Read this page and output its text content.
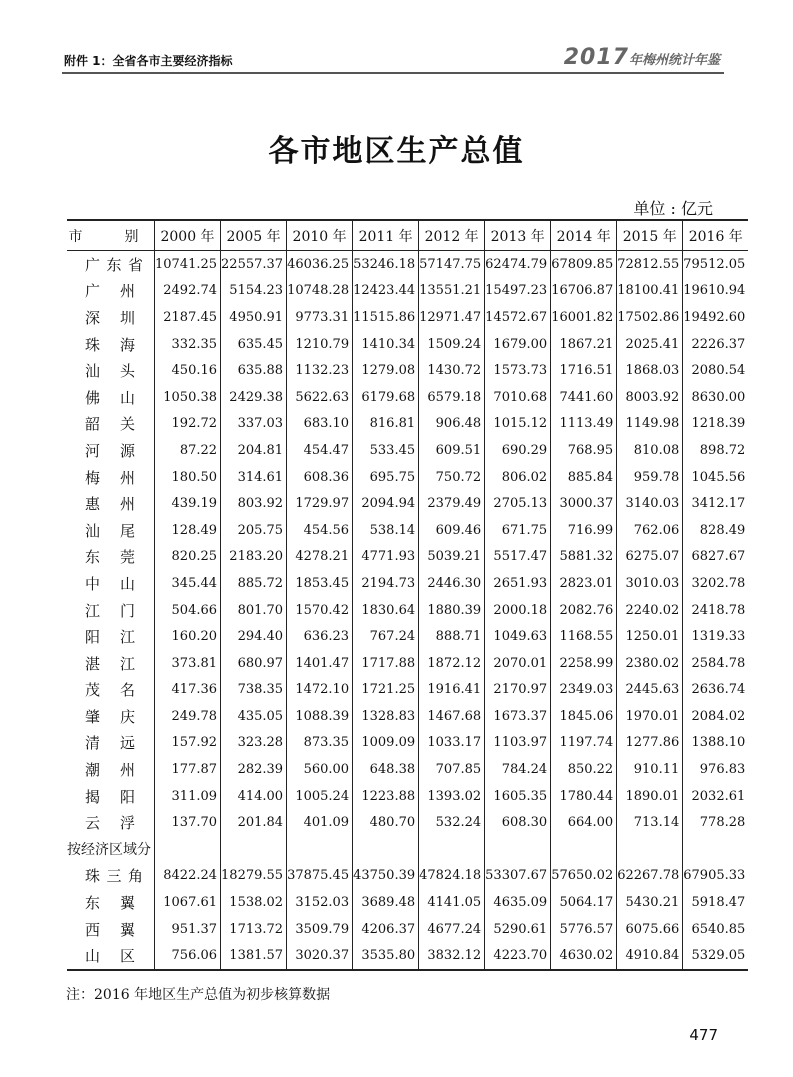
附件 1：全省各市主要经济指标	2017年梅州统计年鉴
各市地区生产总值
单位 : 亿元
市　别	2000 年	2005 年	2010 年	2011 年	2012 年	2013 年	2014 年	2015 年	2016 年
广东省	10741.25	22557.37	46036.25	53246.18	57147.75	62474.79	67809.85	72812.55	79512.05
广州	2492.74	5154.23	10748.28	12423.44	13551.21	15497.23	16706.87	18100.41	19610.94
深圳	2187.45	4950.91	9773.31	11515.86	12971.47	14572.67	16001.82	17502.86	19492.60
珠海	332.35	635.45	1210.79	1410.34	1509.24	1679.00	1867.21	2025.41	2226.37
汕头	450.16	635.88	1132.23	1279.08	1430.72	1573.73	1716.51	1868.03	2080.54
佛山	1050.38	2429.38	5622.63	6179.68	6579.18	7010.68	7441.60	8003.92	8630.00
韶关	192.72	337.03	683.10	816.81	906.48	1015.12	1113.49	1149.98	1218.39
河源	87.22	204.81	454.47	533.45	609.51	690.29	768.95	810.08	898.72
梅州	180.50	314.61	608.36	695.75	750.72	806.02	885.84	959.78	1045.56
惠州	439.19	803.92	1729.97	2094.94	2379.49	2705.13	3000.37	3140.03	3412.17
汕尾	128.49	205.75	454.56	538.14	609.46	671.75	716.99	762.06	828.49
东莞	820.25	2183.20	4278.21	4771.93	5039.21	5517.47	5881.32	6275.07	6827.67
中山	345.44	885.72	1853.45	2194.73	2446.30	2651.93	2823.01	3010.03	3202.78
江门	504.66	801.70	1570.42	1830.64	1880.39	2000.18	2082.76	2240.02	2418.78
阳江	160.20	294.40	636.23	767.24	888.71	1049.63	1168.55	1250.01	1319.33
湛江	373.81	680.97	1401.47	1717.88	1872.12	2070.01	2258.99	2380.02	2584.78
茂名	417.36	738.35	1472.10	1721.25	1916.41	2170.97	2349.03	2445.63	2636.74
肇庆	249.78	435.05	1088.39	1328.83	1467.68	1673.37	1845.06	1970.01	2084.02
清远	157.92	323.28	873.35	1009.09	1033.17	1103.97	1197.74	1277.86	1388.10
潮州	177.87	282.39	560.00	648.38	707.85	784.24	850.22	910.11	976.83
揭阳	311.09	414.00	1005.24	1223.88	1393.02	1605.35	1780.44	1890.01	2032.61
云浮	137.70	201.84	401.09	480.70	532.24	608.30	664.00	713.14	778.28
按经济区域分									
珠三角	8422.24	18279.55	37875.45	43750.39	47824.18	53307.67	57650.02	62267.78	67905.33
东翼	1067.61	1538.02	3152.03	3689.48	4141.05	4635.09	5064.17	5430.21	5918.47
西翼	951.37	1713.72	3509.79	4206.37	4677.24	5290.61	5776.57	6075.66	6540.85
山区	756.06	1381.57	3020.37	3535.80	3832.12	4223.70	4630.02	4910.84	5329.05
注：2016 年地区生产总值为初步核算数据
477
